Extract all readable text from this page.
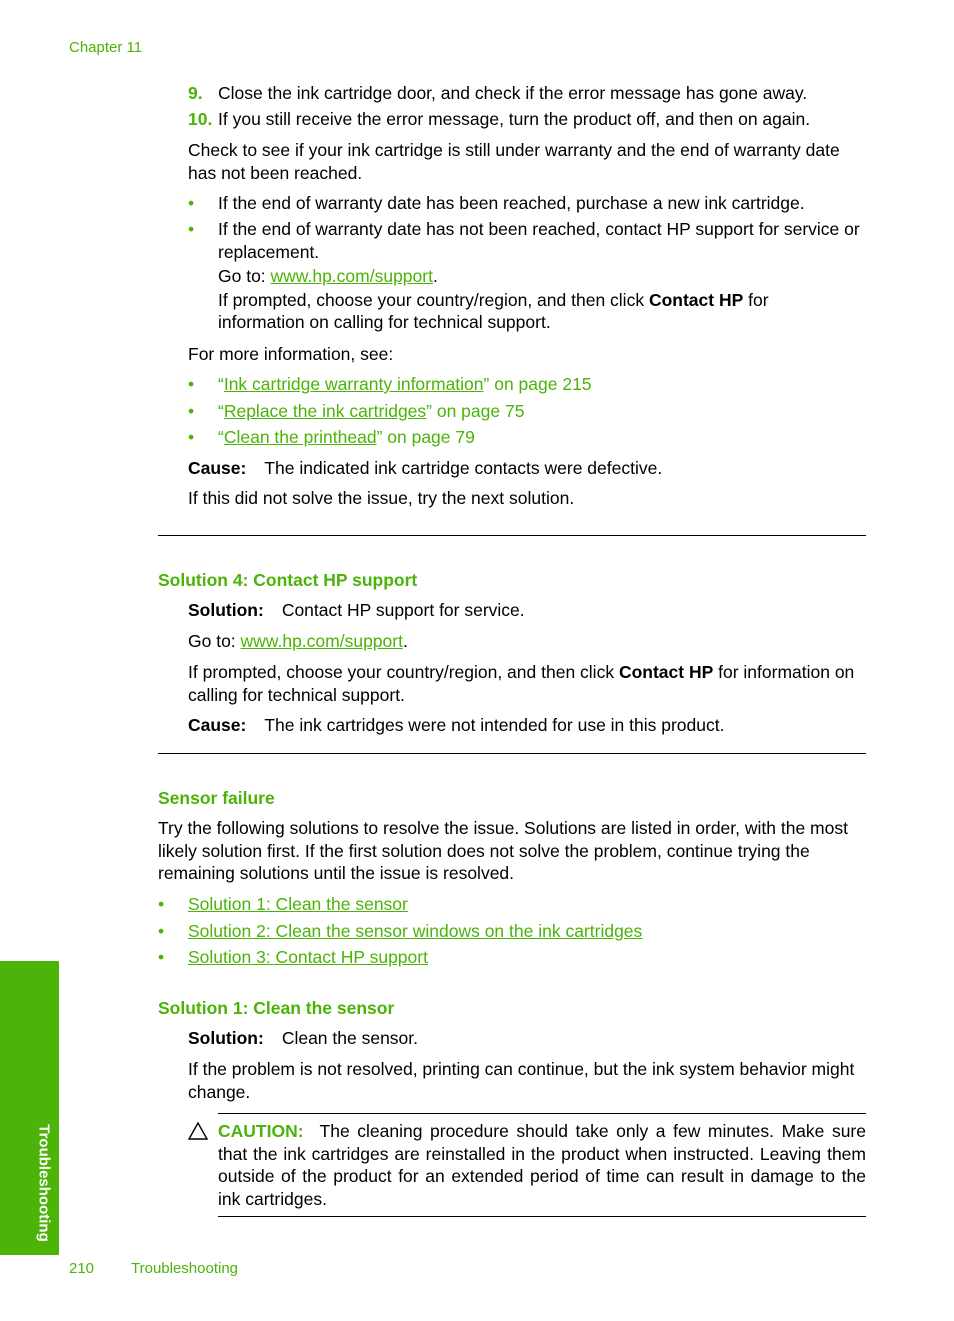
Chapter 11
9. Close the ink cartridge door, and check if the error message has gone away.
10. If you still receive the error message, turn the product off, and then on again.
Check to see if your ink cartridge is still under warranty and the end of warranty date has not been reached.
• If the end of warranty date has been reached, purchase a new ink cartridge.
• If the end of warranty date has not been reached, contact HP support for service or replacement.
Go to: www.hp.com/support.
If prompted, choose your country/region, and then click Contact HP for information on calling for technical support.
For more information, see:
• “Ink cartridge warranty information” on page 215
• “Replace the ink cartridges” on page 75
• “Clean the printhead” on page 79
Cause: The indicated ink cartridge contacts were defective.
If this did not solve the issue, try the next solution.
Solution 4: Contact HP support
Solution: Contact HP support for service.
Go to: www.hp.com/support.
If prompted, choose your country/region, and then click Contact HP for information on calling for technical support.
Cause: The ink cartridges were not intended for use in this product.
Sensor failure
Try the following solutions to resolve the issue. Solutions are listed in order, with the most likely solution first. If the first solution does not solve the problem, continue trying the remaining solutions until the issue is resolved.
• Solution 1: Clean the sensor
• Solution 2: Clean the sensor windows on the ink cartridges
• Solution 3: Contact HP support
Solution 1: Clean the sensor
Solution: Clean the sensor.
If the problem is not resolved, printing can continue, but the ink system behavior might change.
CAUTION: The cleaning procedure should take only a few minutes. Make sure that the ink cartridges are reinstalled in the product when instructed. Leaving them outside of the product for an extended period of time can result in damage to the ink cartridges.
Troubleshooting
210 Troubleshooting
